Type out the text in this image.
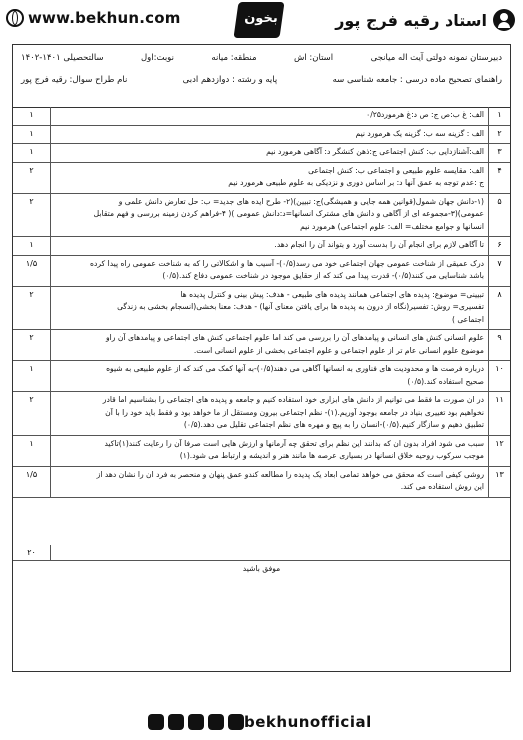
www.bekhun.com	بخون	استاد رقیه فرج پور
دبیرستان نمونه دولتی آیت اله میانجی
استان: اش
منطقه: میانه
نوبت:اول
سالتحصیلی ۱۴۰۱-۱۴۰۲
راهنمای تصحیح ماده درسی : جامعه شناسی سه
پایه و رشته : دوازدهم ادبی
نام طراح سوال: رقیه فرج پور
۱
الف: غ ب:ص ج: ص د:غ هرمورد۰/۲۵
۱
۲
الف : گزینه سه ب: گزینه یک هرمورد نیم
۱
۳
الف:آشنازدایی ب: کنش اجتماعی ج:ذهن کنشگر د: آگاهی هرمورد نیم
۱
۴
الف: مقایسه علوم طبیعی و اجتماعی ب: کنش اجتماعی
ج :عدم توجه به عمق آنها د: بر اساس دوری و نزدیکی به علوم طبیعی هرمورد نیم
۲
۵
(۱-دانش جهان شمول(قوانین همه جایی و همیشگی)ج: تبیین)(۲- طرح ایده های جدید= ب: حل تعارض دانش علمی و
عمومی)(۳-مجموعه ای از آگاهی و دانش های مشترک انسانها=د:دانش عمومی )( ۴-فراهم کردن زمینه بررسی و فهم متقابل
انسانها و جوامع مختلف= الف: علوم اجتماعی) هرمورد نیم
۲
۶
تا آگاهی لازم برای انجام آن را بدست آورد و بتواند آن را انجام دهد.
۱
۷
درک عمیقی از شناخت عمومی جهان اجتماعی خود می رسد(۰/۵)- آسیب ها و اشکالاتی را که به شناخت عمومی راه پیدا کرده
باشد شناسایی می کنند(۰/۵)- قدرت پیدا می کند که از حقایق موجود در شناخت عمومی دفاع کند.(۰/۵)
۱/۵
۸
تبیینی= موضوع: پدیده های اجتماعی همانند پدیده های طبیعی - هدف: پیش بینی و کنترل پدیده ها
تفسیری= روش: تفسیر(نگاه از درون به پدیده ها برای یافتن معنای آنها) - هدف: معنا بخشی(انسجام بخشی به زندگی
اجتماعی )
۲
۹
علوم انسانی کنش های انسانی و پیامدهای آن را بررسی می کند اما علوم اجتماعی کنش های اجتماعی و پیامدهای آن راو
موضوع علوم انسانی عام تر از علوم اجتماعی و علوم اجتماعی بخشی از علوم انسانی است.
۲
۱۰
درباره فرصت ها و محدودیت های فناوری به انسانها آگاهی می دهند(۰/۵)-به آنها کمک می کند که از علوم طبیعی به شیوه
صحیح استفاده کند.(۰/۵)
۱
۱۱
در ان صورت ما فقط می توانیم از دانش های ابزاری خود استفاده کنیم و جامعه و پدیده های اجتماعی را بشناسیم اما قادر
نخواهیم بود تغییری بنیاد در جامعه بوجود آوریم.(۱)- نظم اجتماعی بیرون ومستقل از ما خواهد بود و فقط باید خود را با آن
تطبیق دهیم و سازگار کنیم.(۰/۵)-انسان را به پیچ و مهره های نظم اجتماعی تقلیل می دهد.(۰/۵)
۲
۱۲
سبب می شود افراد بدون ان که بدانند این نظم برای تحقق چه آرمانها و ارزش هایی است صرفا آن را رعایت کنند(۱)تاکید
موجب سرکوب روحیه خلاق انسانها در بسیاری عرصه ها مانند هنر و اندیشه و ارتباط می شود.(۱)
۱
۱۳
روشی کیفی است که محقق می خواهد تمامی ابعاد یک پدیده را مطالعه کندو عمق پنهان و منحصر به فرد ان را نشان دهد از
این روش استفاده می کند.
۱/۵
۲۰
موفق باشید
bekhunofficial
